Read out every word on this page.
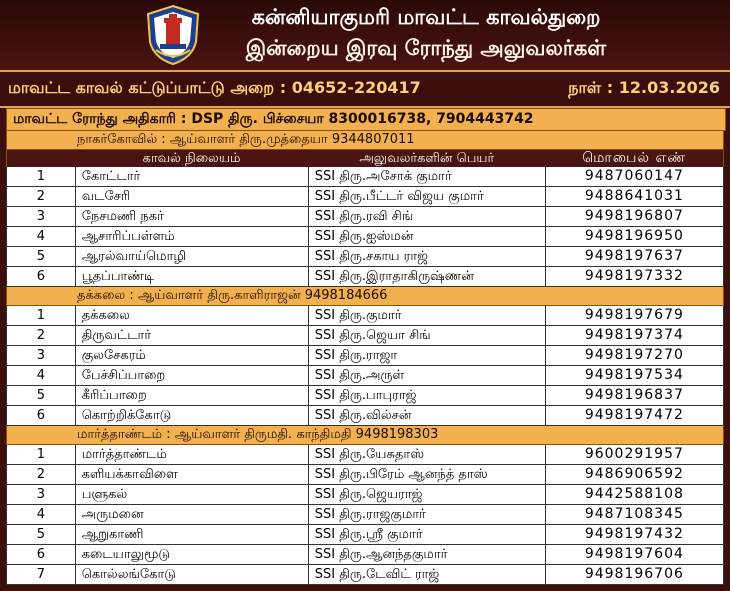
கன்னியாகுமரி மாவட்ட காவல்துறை
இன்றைய இரவு ரோந்து அலுவலர்கள்
மாவட்ட காவல் கட்டுப்பாட்டு அறை : 04652-220417	நாள் : 12.03.2026
மாவட்ட ரோந்து அதிகாரி : DSP திரு. பிச்சையா 8300016738, 7904443742
நாகர்கோவில் : ஆய்வாளர் திரு.முத்தையா 9344807011
காவல் நிலையம்	அலுவலர்களின் பெயர்	மொபைல் எண்
1	கோட்டார்	SSI திரு.அசோக் குமார்	9487060147
2	வடசேரி	SSI திரு.பீட்டர் விஜய குமார்	9488641031
3	நேசமணி நகர்	SSI திரு.ரவி சிங்	9498196807
4	ஆசாரிப்பள்ளம்	SSI திரு.ஐஸ்மன்	9498196950
5	ஆரல்வாய்மொழி	SSI திரு.சகாய ராஜ்	9498197637
6	பூதப்பாண்டி	SSI திரு.இராதாகிருஷ்ணன்	9498197332
தக்கலை : ஆய்வாளர் திரு.காளிராஜன் 9498184666
1	தக்கலை	SSI திரு.குமார்	9498197679
2	திருவட்டார்	SSI திரு.ஜெயா சிங்	9498197374
3	குலசேகரம்	SSI திரு.ராஜா	9498197270
4	பேச்சிப்பாறை	SSI திரு.அருள்	9498197534
5	கீரிப்பாறை	SSI திரு.பாபுராஜ்	9498196837
6	கொற்றிக்கோடு	SSI திரு.வில்சன்	9498197472
மார்த்தாண்டம் : ஆய்வாளர் திருமதி. காந்திமதி 9498198303
1	மார்த்தாண்டம்	SSI திரு.யேசுதாஸ்	9600291957
2	களியக்காவிளை	SSI திரு.பிரேம் ஆனந்த் தாஸ்	9486906592
3	பளுகல்	SSI திரு.ஜெயராஜ்	9442588108
4	அருமனை	SSI திரு.ராஜகுமார்	9487108345
5	ஆறுகாணி	SSI திரு.ஸ்ரீ குமார்	9498197432
6	கடையாலுமூடு	SSI திரு.ஆனந்தகுமார்	9498197604
7	கொல்லங்கோடு	SSI திரு.டேவிட் ராஜ்	9498196706
